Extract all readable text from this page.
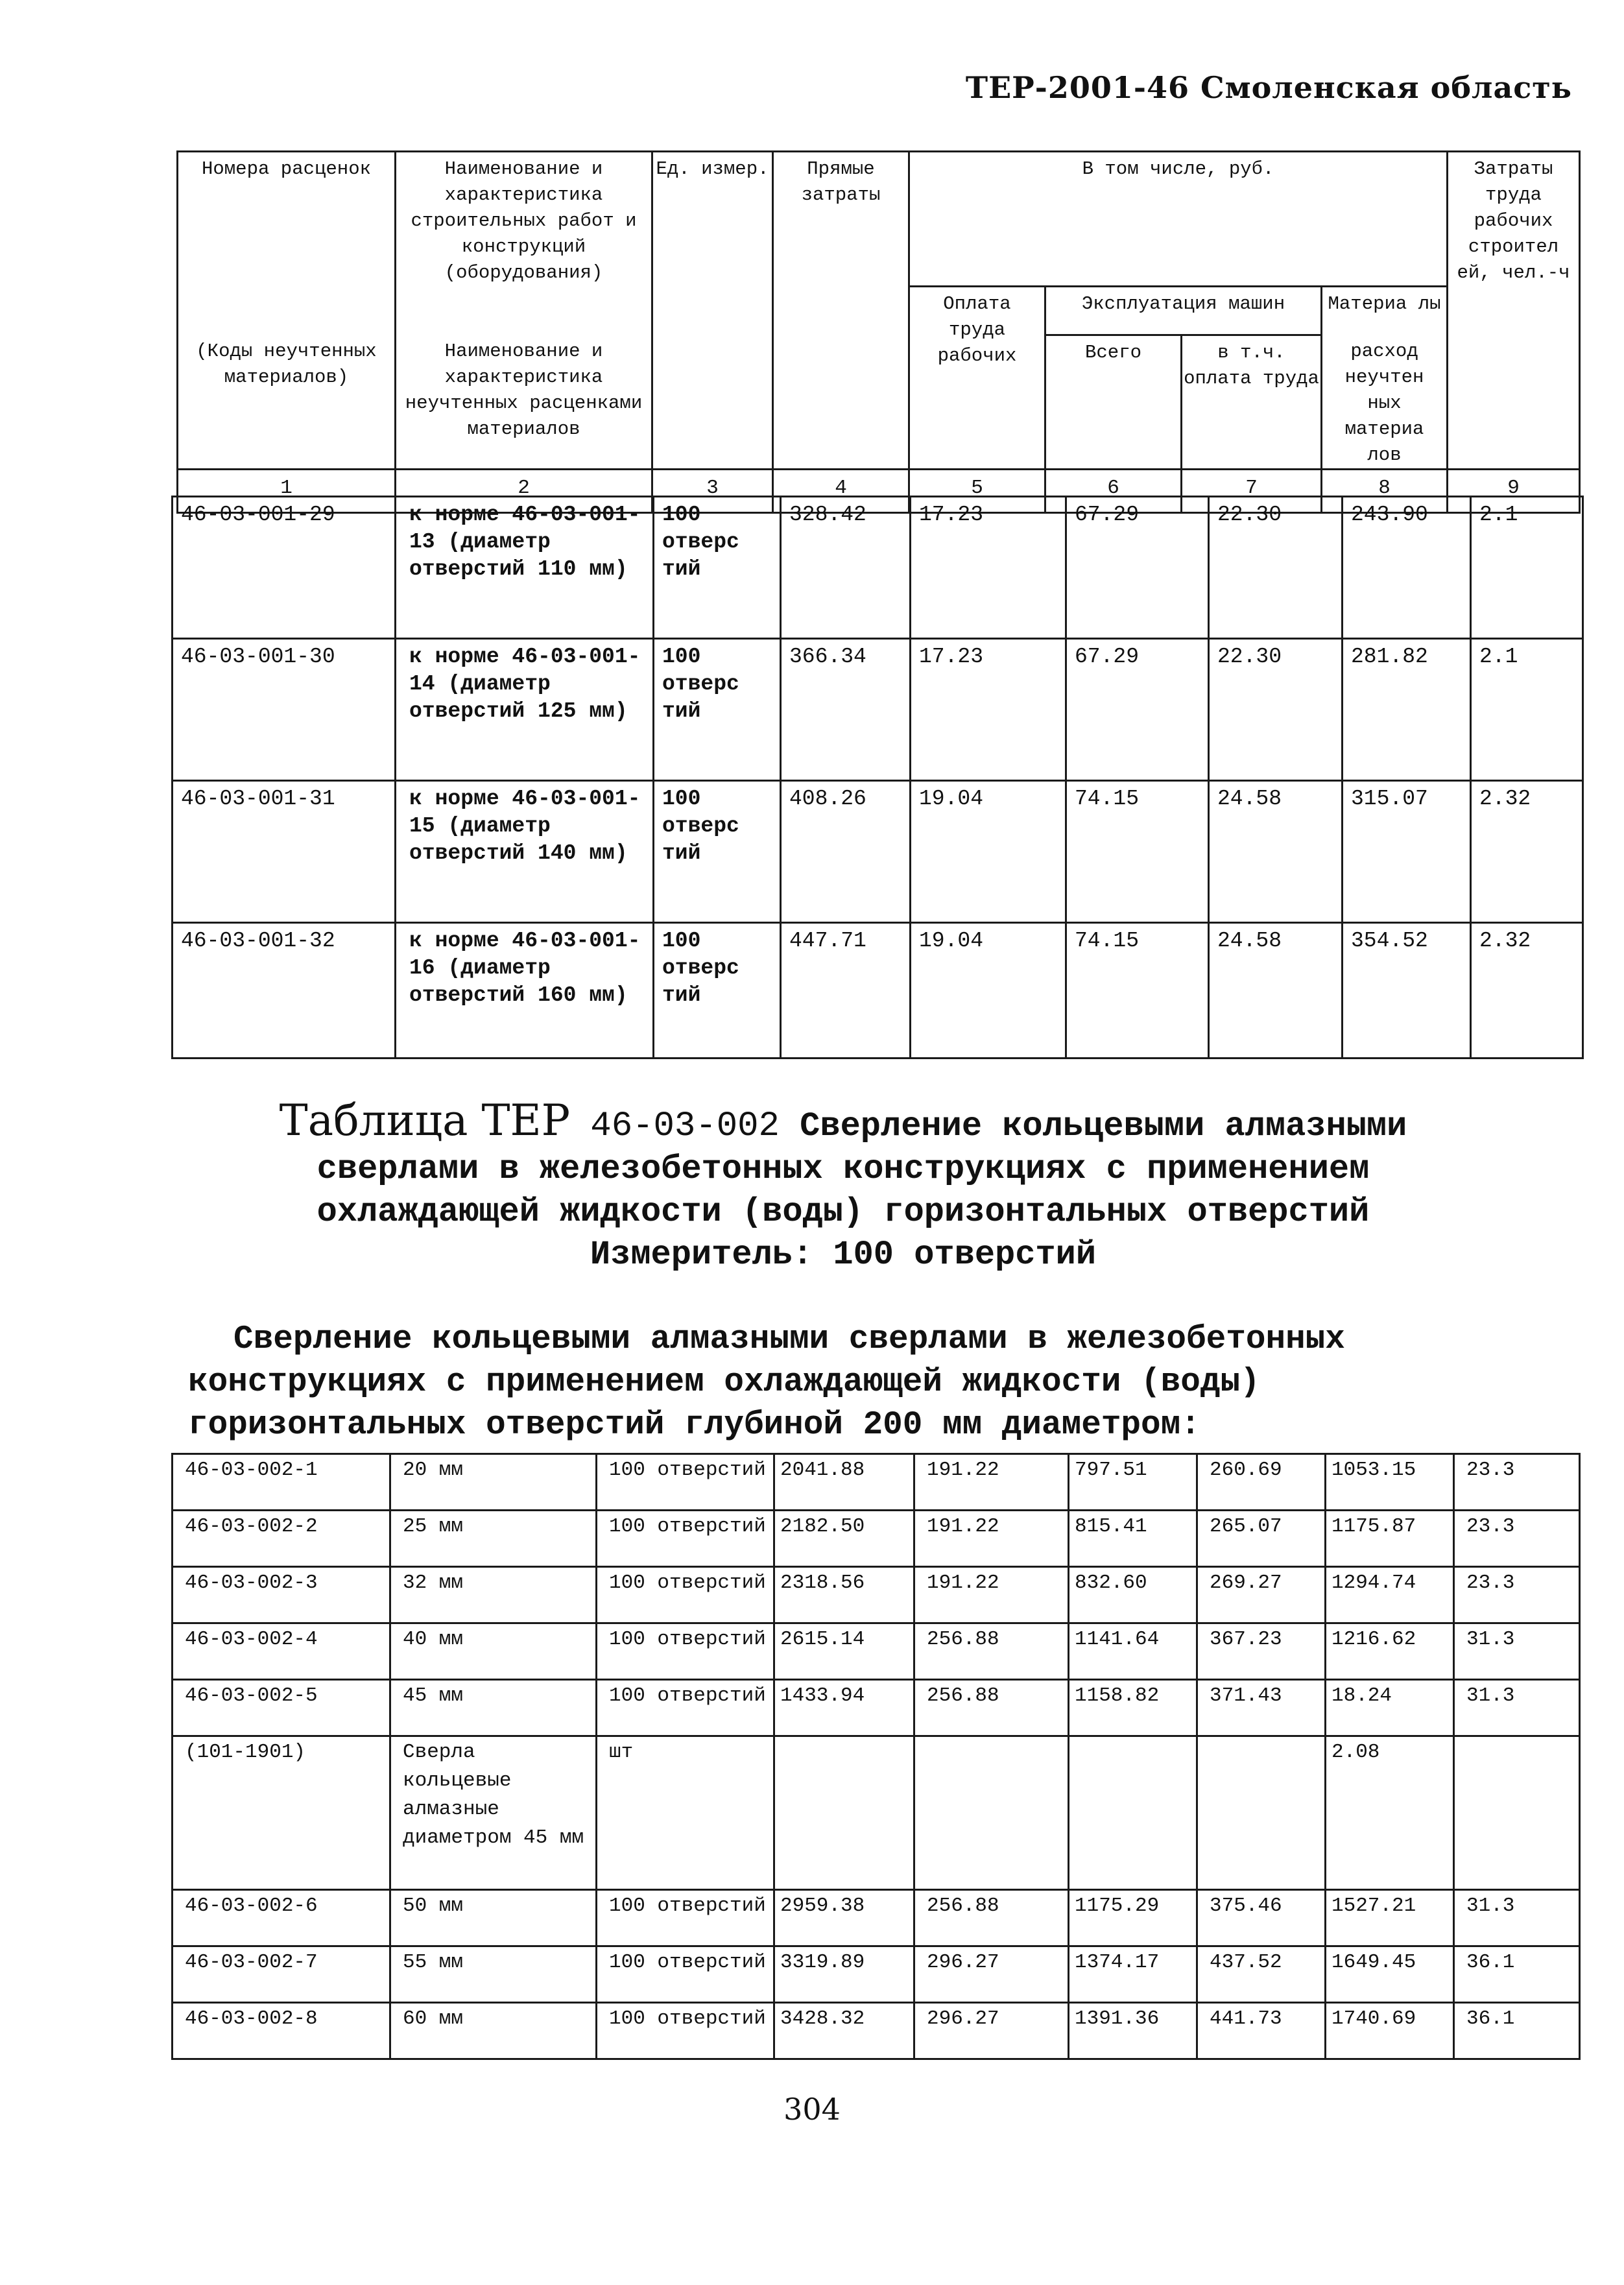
ТЕР-2001-46 Смоленская область
Номера расценок	Наименование и характеристика строительных работ и конструкций (оборудования)	Ед. измер.	Прямые затраты	В том числе, руб.				Затраты труда рабочих строител ей, чел.-ч
				Оплата труда рабочих	Эксплуатация машин		Материа лы	
(Коды неучтенных материалов)	Наименование и характеристика неучтенных расценками материалов				Всего	в т.ч. оплата труда	расход неучтен ных материа лов	
1	2	3	4	5	6	7	8	9
46-03-001-29	к норме 46-03-001-13 (диаметр отверстий 110 мм)	100 отверс тий	328.42	17.23	67.29	22.30	243.90	2.1
46-03-001-30	к норме 46-03-001-14 (диаметр отверстий 125 мм)	100 отверс тий	366.34	17.23	67.29	22.30	281.82	2.1
46-03-001-31	к норме 46-03-001-15 (диаметр отверстий 140 мм)	100 отверс тий	408.26	19.04	74.15	24.58	315.07	2.32
46-03-001-32	к норме 46-03-001-16 (диаметр отверстий 160 мм)	100 отверс тий	447.71	19.04	74.15	24.58	354.52	2.32
Таблица ТЕР 46-03-002 Сверление кольцевыми алмазными
сверлами в железобетонных конструкциях с применением
охлаждающей жидкости (воды) горизонтальных отверстий
Измеритель: 100 отверстий
Сверление кольцевыми алмазными сверлами в железобетонных
конструкциях с применением охлаждающей жидкости (воды)
горизонтальных отверстий глубиной 200 мм диаметром:
46-03-002-1	20 мм	100 отверстий	2041.88	191.22	797.51	260.69	1053.15	23.3
46-03-002-2	25 мм	100 отверстий	2182.50	191.22	815.41	265.07	1175.87	23.3
46-03-002-3	32 мм	100 отверстий	2318.56	191.22	832.60	269.27	1294.74	23.3
46-03-002-4	40 мм	100 отверстий	2615.14	256.88	1141.64	367.23	1216.62	31.3
46-03-002-5	45 мм	100 отверстий	1433.94	256.88	1158.82	371.43	18.24	31.3
(101-1901)	Сверла кольцевые алмазные диаметром 45 мм	шт					2.08	
46-03-002-6	50 мм	100 отверстий	2959.38	256.88	1175.29	375.46	1527.21	31.3
46-03-002-7	55 мм	100 отверстий	3319.89	296.27	1374.17	437.52	1649.45	36.1
46-03-002-8	60 мм	100 отверстий	3428.32	296.27	1391.36	441.73	1740.69	36.1
304
